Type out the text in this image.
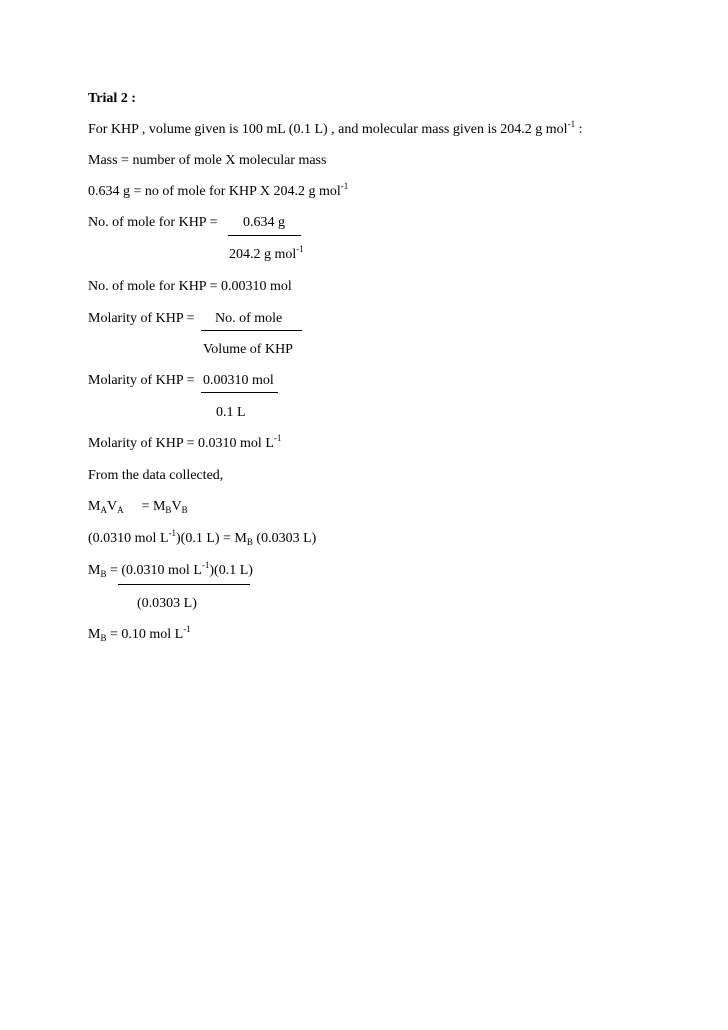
Trial 2 :
For KHP , volume given is 100 mL (0.1 L) , and molecular mass given is 204.2 g mol$^{-1}$ :
Mass = number of mole X molecular mass
0.634 g = no of mole for KHP X 204.2 g mol$^{-1}$
No. of mole for KHP = 0.634 g
204.2 g mol$^{-1}$
No. of mole for KHP = 0.00310 mol
Molarity of KHP = No. of mole
Volume of KHP
Molarity of KHP = 0.00310 mol
0.1 L
Molarity of KHP = 0.0310 mol $L^{-1}$
From the data collected,
$M_AV_A = M_BV_B$
(0.0310 mol $L^{-1})(0.1$ $L) = M_B$ (0.0303 L)
$M_B = (0.0310$ mol $L^{-1})(0.1$ L)
(0.0303 L)
$M_B = 0.10$ mol $L^{-1}$
